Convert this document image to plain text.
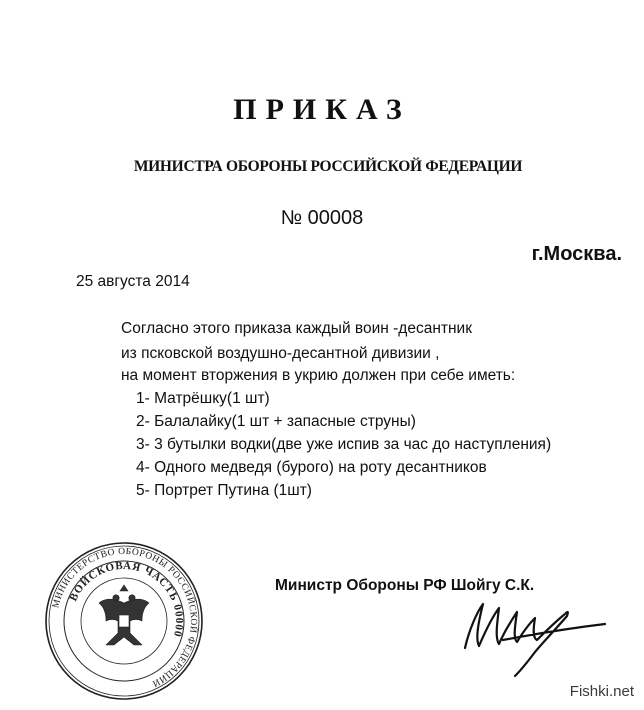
ПРИКАЗ
МИНИСТРА ОБОРОНЫ РОССИЙСКОЙ ФЕДЕРАЦИИ
№ 00008
г.Москва.
25 августа 2014
Согласно этого приказа каждый воин -десантник
из псковской воздушно-десантной дивизии ,
на момент вторжения в укрию должен при себе иметь:
1- Матрёшку(1 шт)
2- Балалайку(1 шт + запасные струны)
3- 3 бутылки водки(две уже испив за час до наступления)
4- Одного медведя (бурого) на роту десантников
5- Портрет Путина (1шт)
Министр Обороны РФ Шойгу С.К.
МИНИСТЕРСТВО ОБОРОНЫ РОССИЙСКОЙ ФЕДЕРАЦИИ
ВОЙСКОВАЯ ЧАСТЬ 00000
Fishki.net
